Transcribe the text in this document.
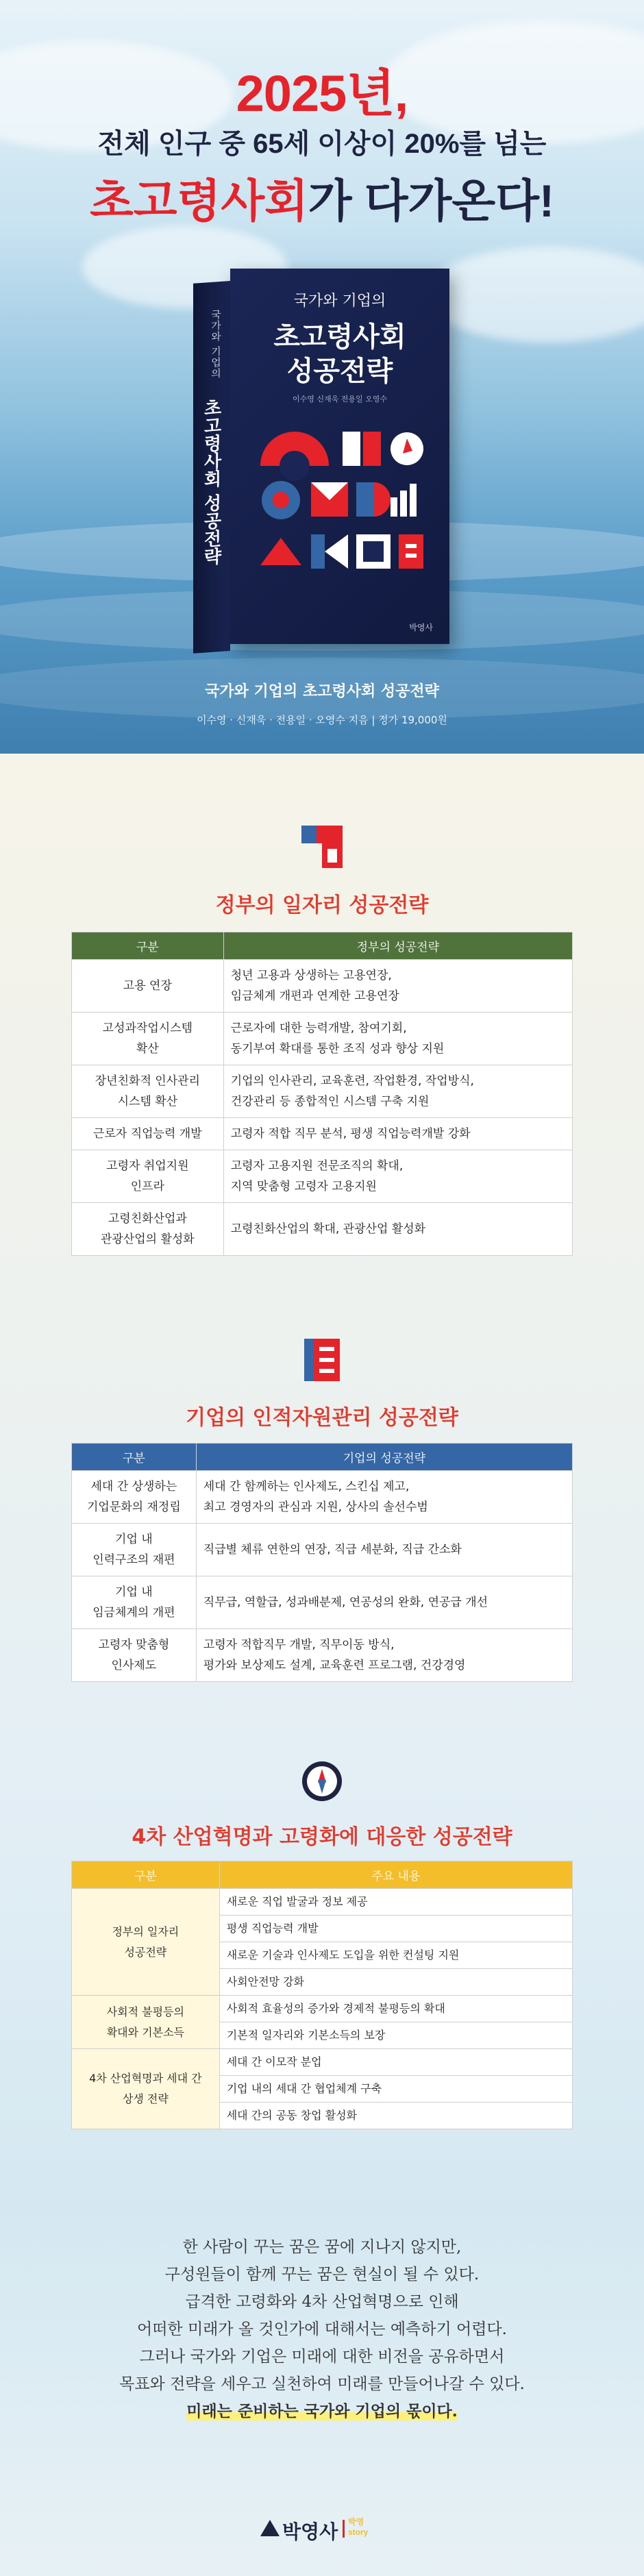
2025년,
전체 인구 중 65세 이상이 20%를 넘는
초고령사회가 다가온다!
국가와 기업의
초고령사회 성공전략
국가와 기업의
초고령사회
성공전략
이수영 신재욱 전용일 오영수
박영사
국가와 기업의 초고령사회 성공전략
이수영 · 신재욱 · 전용일 · 오영수 지음 | 정가 19,000원
정부의 일자리 성공전략
구분	정부의 성공전략
고용 연장	청년 고용과 상생하는 고용연장,
임금체계 개편과 연계한 고용연장
고성과작업시스템
확산	근로자에 대한 능력개발, 참여기회,
동기부여 확대를 통한 조직 성과 향상 지원
장년친화적 인사관리
시스템 확산	기업의 인사관리, 교육훈련, 작업환경, 작업방식,
건강관리 등 종합적인 시스템 구축 지원
근로자 직업능력 개발	고령자 적합 직무 분석, 평생 직업능력개발 강화
고령자 취업지원
인프라	고령자 고용지원 전문조직의 확대,
지역 맞춤형 고령자 고용지원
고령친화산업과
관광산업의 활성화	고령친화산업의 확대, 관광산업 활성화
기업의 인적자원관리 성공전략
구분	기업의 성공전략
세대 간 상생하는
기업문화의 재정립	세대 간 함께하는 인사제도, 스킨십 제고,
최고 경영자의 관심과 지원, 상사의 솔선수범
기업 내
인력구조의 재편	직급별 체류 연한의 연장, 직급 세분화, 직급 간소화
기업 내
임금체계의 개편	직무급, 역할급, 성과배분제, 연공성의 완화, 연공급 개선
고령자 맞춤형
인사제도	고령자 적합직무 개발, 직무이동 방식,
평가와 보상제도 설계, 교육훈련 프로그램, 건강경영
4차 산업혁명과 고령화에 대응한 성공전략
구분	주요 내용
정부의 일자리
성공전략	새로운 직업 발굴과 정보 제공
	평생 직업능력 개발
	새로운 기술과 인사제도 도입을 위한 컨설팅 지원
	사회안전망 강화
사회적 불평등의
확대와 기본소득	사회적 효율성의 증가와 경제적 불평등의 확대
	기본적 일자리와 기본소득의 보장
4차 산업혁명과 세대 간
상생 전략	세대 간 이모작 분업
	기업 내의 세대 간 협업체계 구축
	세대 간의 공동 창업 활성화
한 사람이 꾸는 꿈은 꿈에 지나지 않지만,
구성원들이 함께 꾸는 꿈은 현실이 될 수 있다.
급격한 고령화와 4차 산업혁명으로 인해
어떠한 미래가 올 것인가에 대해서는 예측하기 어렵다.
그러나 국가와 기업은 미래에 대한 비전을 공유하면서
목표와 전략을 세우고 실천하여 미래를 만들어나갈 수 있다.
미래는 준비하는 국가와 기업의 몫이다.
박영사 박영
story
